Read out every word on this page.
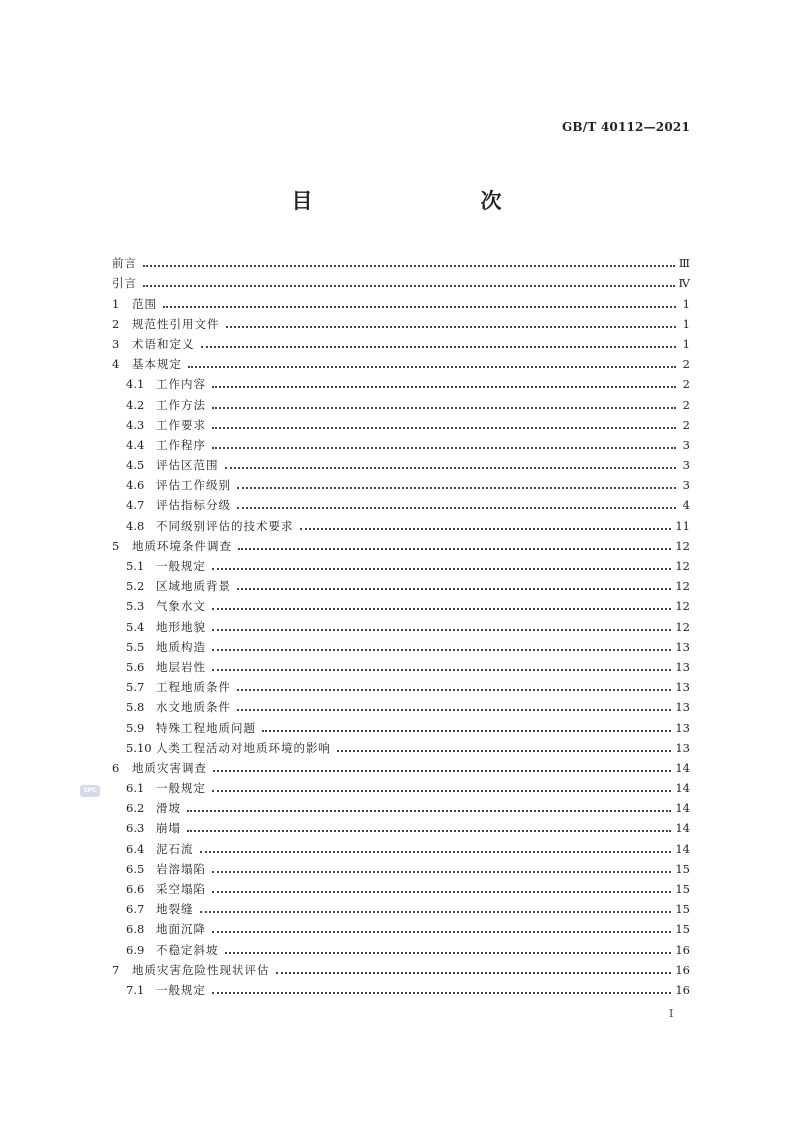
GB/T 40112—2021
目　　次
SPC
前言	Ⅲ
引言	Ⅳ
1	范围	1
2	规范性引用文件	1
3	术语和定义	1
4	基本规定	2
4.1	工作内容	2
4.2	工作方法	2
4.3	工作要求	2
4.4	工作程序	3
4.5	评估区范围	3
4.6	评估工作级别	3
4.7	评估指标分级	4
4.8	不同级别评估的技术要求	11
5	地质环境条件调查	12
5.1	一般规定	12
5.2	区域地质背景	12
5.3	气象水文	12
5.4	地形地貌	12
5.5	地质构造	13
5.6	地层岩性	13
5.7	工程地质条件	13
5.8	水文地质条件	13
5.9	特殊工程地质问题	13
5.10 人类工程活动对地质环境的影响	13
6	地质灾害调查	14
6.1	一般规定	14
6.2	滑坡	14
6.3	崩塌	14
6.4	泥石流	14
6.5	岩溶塌陷	15
6.6	采空塌陷	15
6.7	地裂缝	15
6.8	地面沉降	15
6.9	不稳定斜坡	16
7	地质灾害危险性现状评估	16
7.1	一般规定	16
I
